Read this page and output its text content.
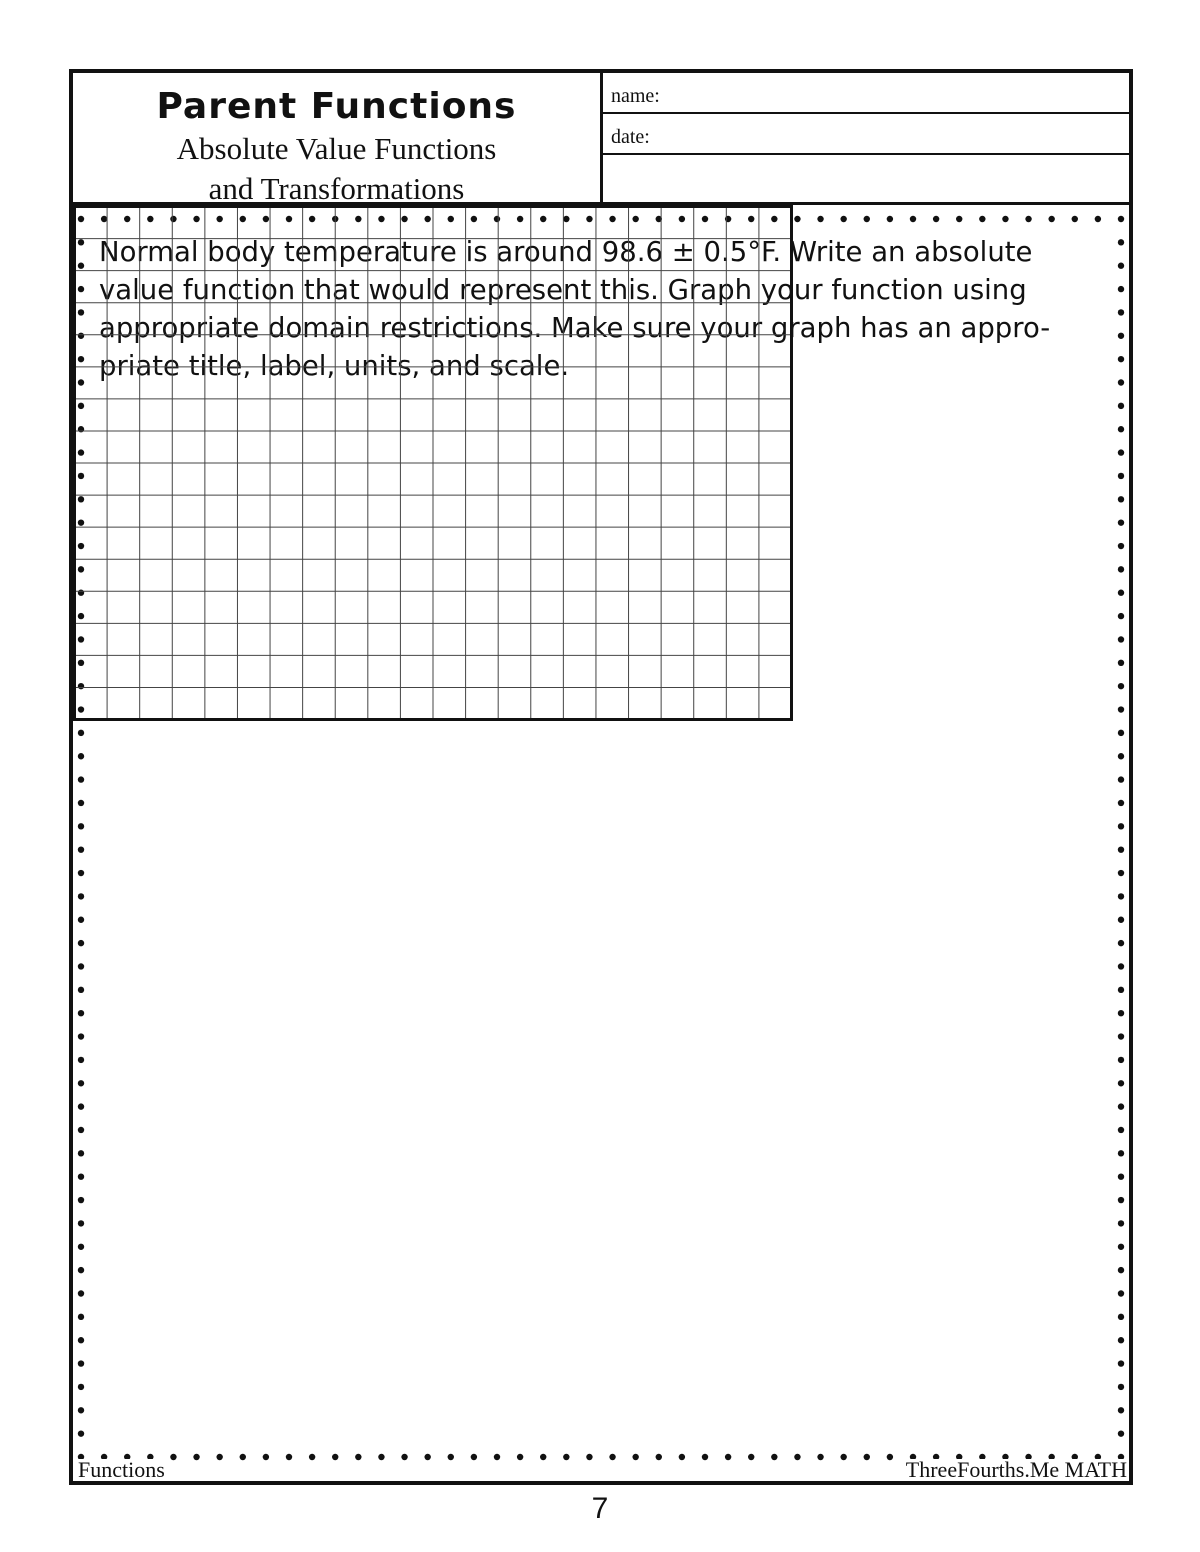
Parent Functions
Absolute Value Functions
and Transformations
name:
date:

Normal body temperature is around 98.6 ± 0.5°F. Write an absolute value function that would represent this. Graph your function using appropriate domain restrictions. Make sure your graph has an appro-priate title, label, units, and scale.

Functions	ThreeFourths.Me MATH
7
